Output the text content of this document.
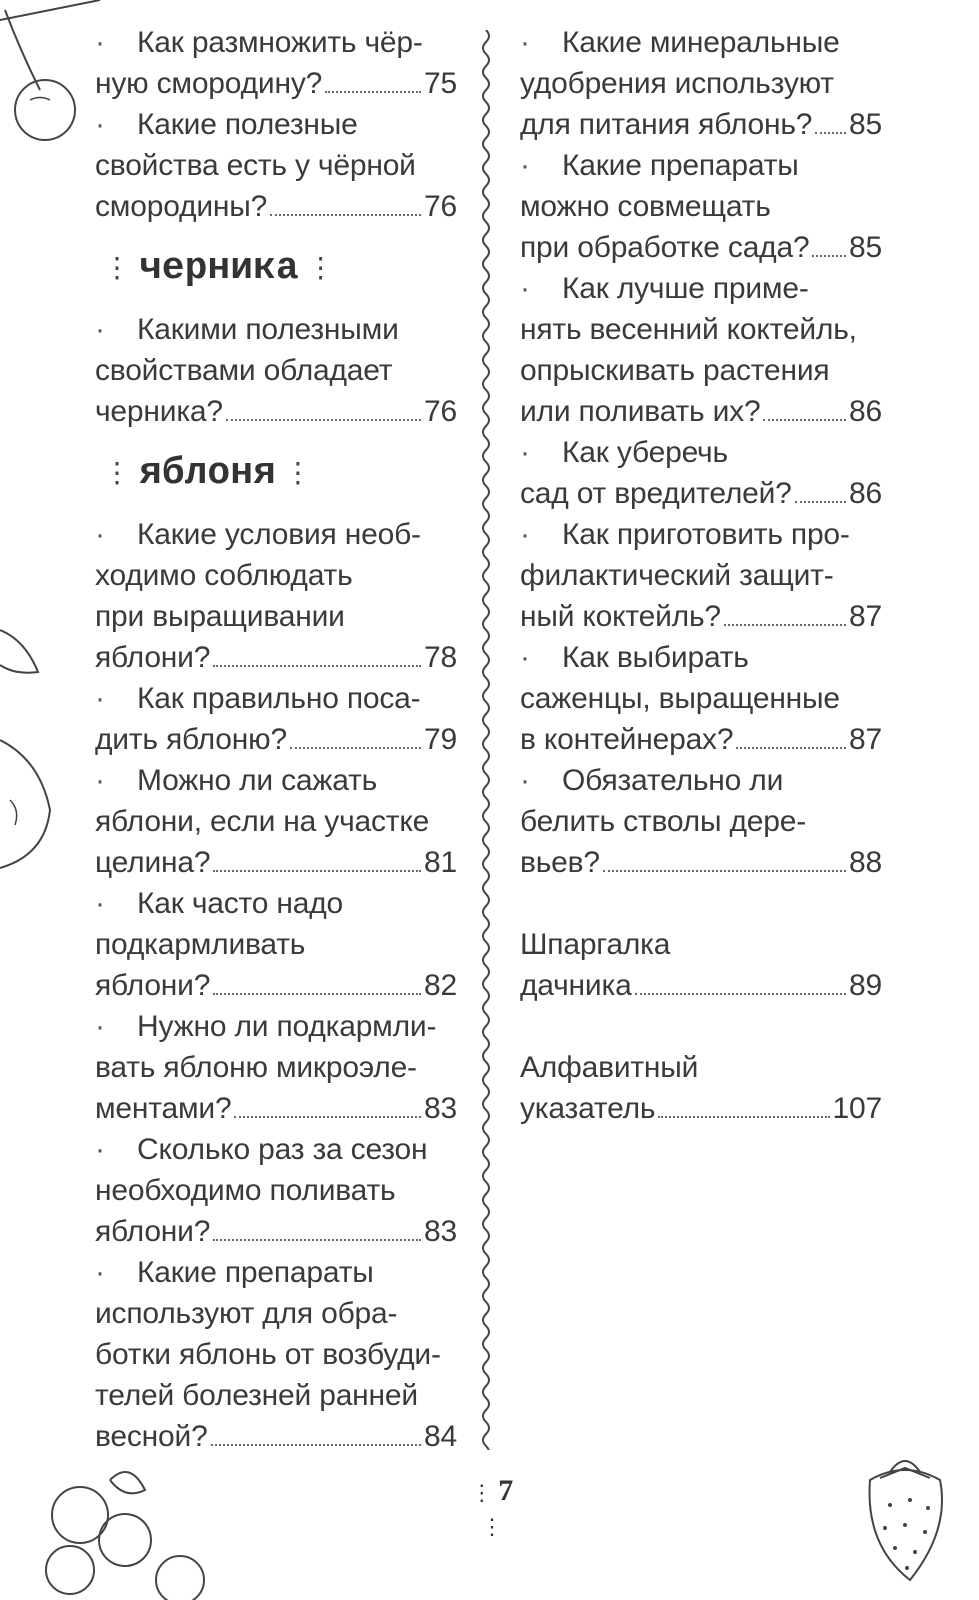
· Как размножить чёр-
ную смородину?	75
· Какие полезные
свойства есть у чёрной
смородины?	76
⋮ черника ⋮
· Какими полезными
свойствами обладает
черника?	76
⋮ яблоня ⋮
· Какие условия необ-
ходимо соблюдать
при выращивании
яблони?	78
· Как правильно поса-
дить яблоню?	79
· Можно ли сажать
яблони, если на участке
целина?	81
· Как часто надо
подкармливать
яблони?	82
· Нужно ли подкармли-
вать яблоню микроэле-
ментами?	83
· Сколько раз за сезон
необходимо поливать
яблони?	83
· Какие препараты
используют для обра-
ботки яблонь от возбуди-
телей болезней ранней
весной?	84
· Какие минеральные
удобрения используют
для питания яблонь? 85
· Какие препараты
можно совмещать
при обработке сада? 85
· Как лучше приме-
нять весенний коктейль,
опрыскивать растения
или поливать их?	86
· Как уберечь
сад от вредителей? 86
· Как приготовить про-
филактический защит-
ный коктейль?	87
· Как выбирать
саженцы, выращенные
в контейнерах?	87
· Обязательно ли
белить стволы дере-
вьев?	88
Шпаргалка
дачника	89
Алфавитный
указатель	107
⋮ 7 ⋮
